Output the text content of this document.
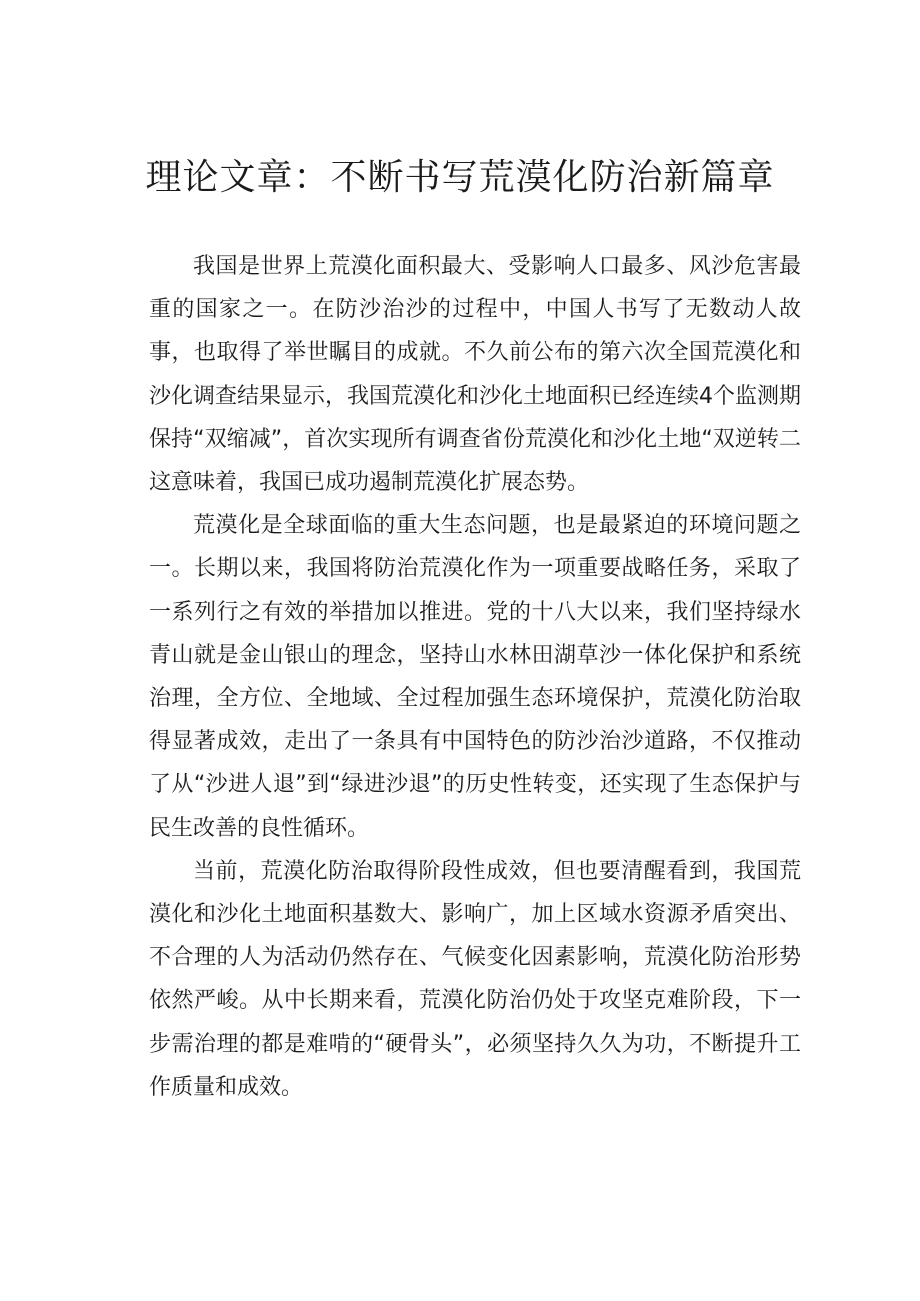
理论文章：不断书写荒漠化防治新篇章

我国是世界上荒漠化面积最大、受影响人口最多、风沙危害最重的国家之一。在防沙治沙的过程中，中国人书写了无数动人故事，也取得了举世瞩目的成就。不久前公布的第六次全国荒漠化和沙化调查结果显示，我国荒漠化和沙化土地面积已经连续4个监测期保持“双缩减”，首次实现所有调查省份荒漠化和沙化土地“双逆转二这意味着，我国已成功遏制荒漠化扩展态势。

荒漠化是全球面临的重大生态问题，也是最紧迫的环境问题之一。长期以来，我国将防治荒漠化作为一项重要战略任务，采取了一系列行之有效的举措加以推进。党的十八大以来，我们坚持绿水青山就是金山银山的理念，坚持山水林田湖草沙一体化保护和系统治理，全方位、全地域、全过程加强生态环境保护，荒漠化防治取得显著成效，走出了一条具有中国特色的防沙治沙道路，不仅推动了从“沙进人退”到“绿进沙退”的历史性转变，还实现了生态保护与民生改善的良性循环。

当前，荒漠化防治取得阶段性成效，但也要清醒看到，我国荒漠化和沙化土地面积基数大、影响广，加上区域水资源矛盾突出、不合理的人为活动仍然存在、气候变化因素影响，荒漠化防治形势依然严峻。从中长期来看，荒漠化防治仍处于攻坚克难阶段，下一步需治理的都是难啃的“硬骨头”，必须坚持久久为功，不断提升工作质量和成效。
